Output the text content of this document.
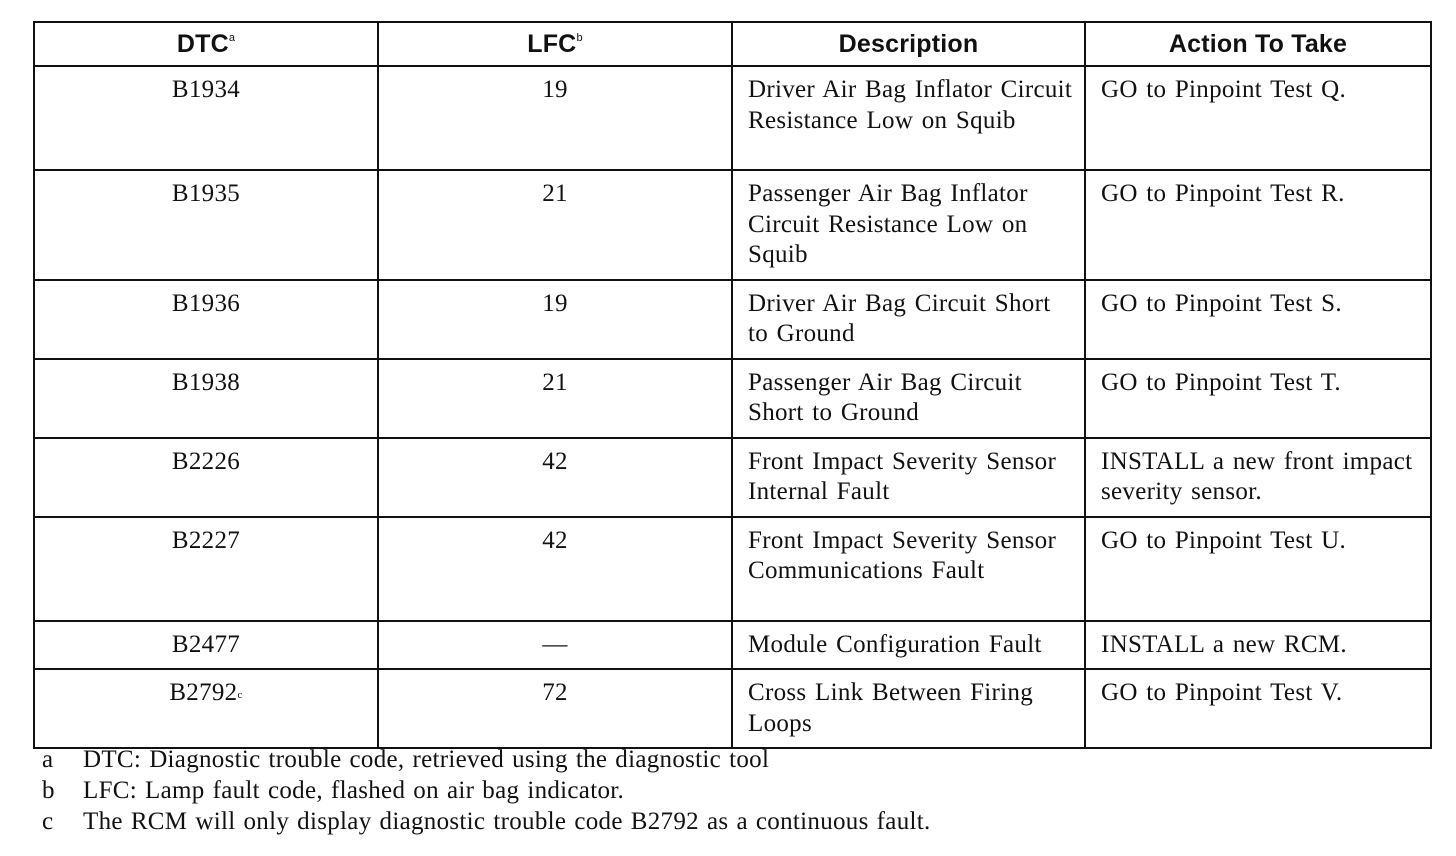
DTC$^a$	LFC$^b$	Description	Action To Take
B1934	19	Driver Air Bag Inflator Circuit Resistance Low on Squib	GO to Pinpoint Test Q.
B1935	21	Passenger Air Bag Inflator Circuit Resistance Low on Squib	GO to Pinpoint Test R.
B1936	19	Driver Air Bag Circuit Short to Ground	GO to Pinpoint Test S.
B1938	21	Passenger Air Bag Circuit Short to Ground	GO to Pinpoint Test T.
B2226	42	Front Impact Severity Sensor Internal Fault	INSTALL a new front impact severity sensor.
B2227	42	Front Impact Severity Sensor Communications Fault	GO to Pinpoint Test U.
B2477	—	Module Configuration Fault	INSTALL a new RCM.
B2792$^c$	72	Cross Link Between Firing Loops	GO to Pinpoint Test V.
a	DTC: Diagnostic trouble code, retrieved using the diagnostic tool
b	LFC: Lamp fault code, flashed on air bag indicator.
c	The RCM will only display diagnostic trouble code B2792 as a continuous fault.
